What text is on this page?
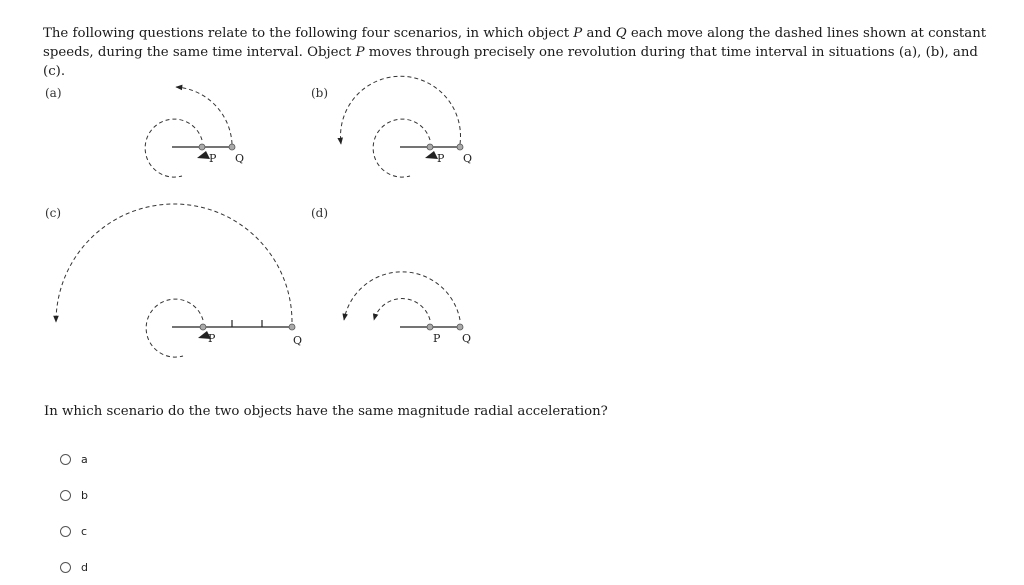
The following questions relate to the following four scenarios, in which object P and Q each move along the dashed lines shown at constant speeds, during the same time interval. Object P moves through precisely one revolution during that time interval in situations (a), (b), and (c).

(a)	(b)
(c)	(d)
P Q	P Q
P	Q	P Q

In which scenario do the two objects have the same magnitude radial acceleration?

a
b
c
d
